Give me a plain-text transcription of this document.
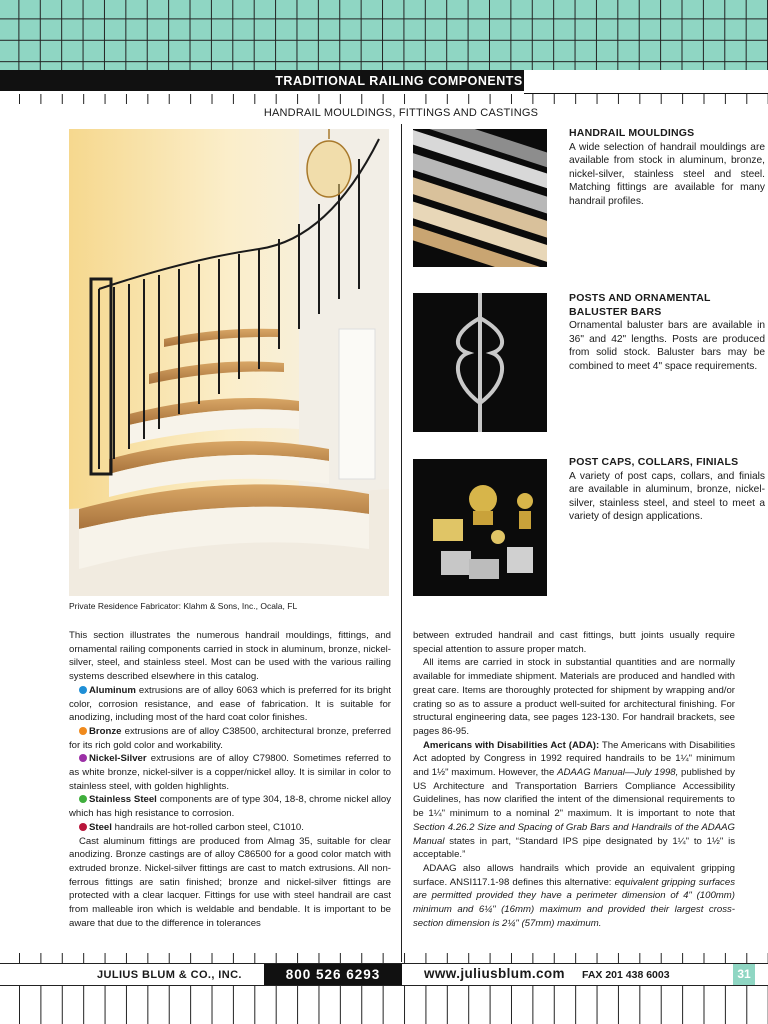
TRADITIONAL RAILING COMPONENTS
HANDRAIL MOULDINGS, FITTINGS AND CASTINGS
Private Residence Fabricator: Klahm & Sons, Inc., Ocala, FL
HANDRAIL MOULDINGS

A wide selection of handrail mouldings are available from stock in aluminum, bronze, nickel-silver, stainless steel and steel. Matching fittings are available for many handrail profiles.

POSTS AND ORNAMENTAL BALUSTER BARS

Ornamental baluster bars are available in 36" and 42" lengths. Posts are produced from solid stock. Baluster bars may be combined to meet 4" space requirements.

POST CAPS, COLLARS, FINIALS

A variety of post caps, collars, and finials are available in aluminum, bronze, nickel-silver, stainless steel, and steel to meet a variety of design applications.

This section illustrates the numerous handrail mouldings, fittings, and ornamental railing components carried in stock in aluminum, bronze, nickel-silver, steel, and stainless steel. Most can be used with the various railing systems described elsewhere in this catalog.

Aluminum extrusions are of alloy 6063 which is preferred for its bright color, corrosion resistance, and ease of fabrication. It is suitable for anodizing, including most of the hard coat color finishes.

Bronze extrusions are of alloy C38500, architectural bronze, preferred for its rich gold color and workability.

Nickel-Silver extrusions are of alloy C79800. Sometimes referred to as white bronze, nickel-silver is a copper/nickel alloy. It is similar in color to stainless steel, with golden highlights.

Stainless Steel components are of type 304, 18-8, chrome nickel alloy which has high resistance to corrosion.

Steel handrails are hot-rolled carbon steel, C1010.

Cast aluminum fittings are produced from Almag 35, suitable for clear anodizing. Bronze castings are of alloy C86500 for a good color match with extruded bronze. Nickel-silver fittings are cast to match extrusions. All non-ferrous fittings are satin finished; bronze and nickel-silver fittings are protected with a clear lacquer. Fittings for use with steel handrail are cast from malleable iron which is weldable and bendable. It is important to be aware that due to the difference in tolerances

between extruded handrail and cast fittings, butt joints usually require special attention to assure proper match.

All items are carried in stock in substantial quantities and are normally available for immediate shipment. Materials are produced and handled with great care. Items are thoroughly protected for shipment by wrapping and/or crating so as to assure a product well-suited for architectural finishing. For structural engineering data, see pages 123-130. For handrail brackets, see pages 86-95.

Americans with Disabilities Act (ADA): The Americans with Disabilities Act adopted by Congress in 1992 required handrails to be 1¼" minimum and 1½" maximum. However, the ADAAG Manual—July 1998, published by US Architecture and Transportation Barriers Compliance Accessibility Guidelines, has now clarified the intent of the dimensional requirements to be 1¼" minimum to a nominal 2" maximum. It is important to note that Section 4.26.2 Size and Spacing of Grab Bars and Handrails of the ADAAG Manual states in part, “Standard IPS pipe designated by 1¼" to 1½" is acceptable.”

ADAAG also allows handrails which provide an equivalent gripping surface. ANSI117.1-98 defines this alternative: equivalent gripping surfaces are permitted provided they have a perimeter dimension of 4" (100mm) minimum and 6¼" (16mm) maximum and provided their largest cross-section dimension is 2¼" (57mm) maximum.

JULIUS BLUM & CO., INC.	800 526 6293	www.juliusblum.com FAX 201 438 6003	31
